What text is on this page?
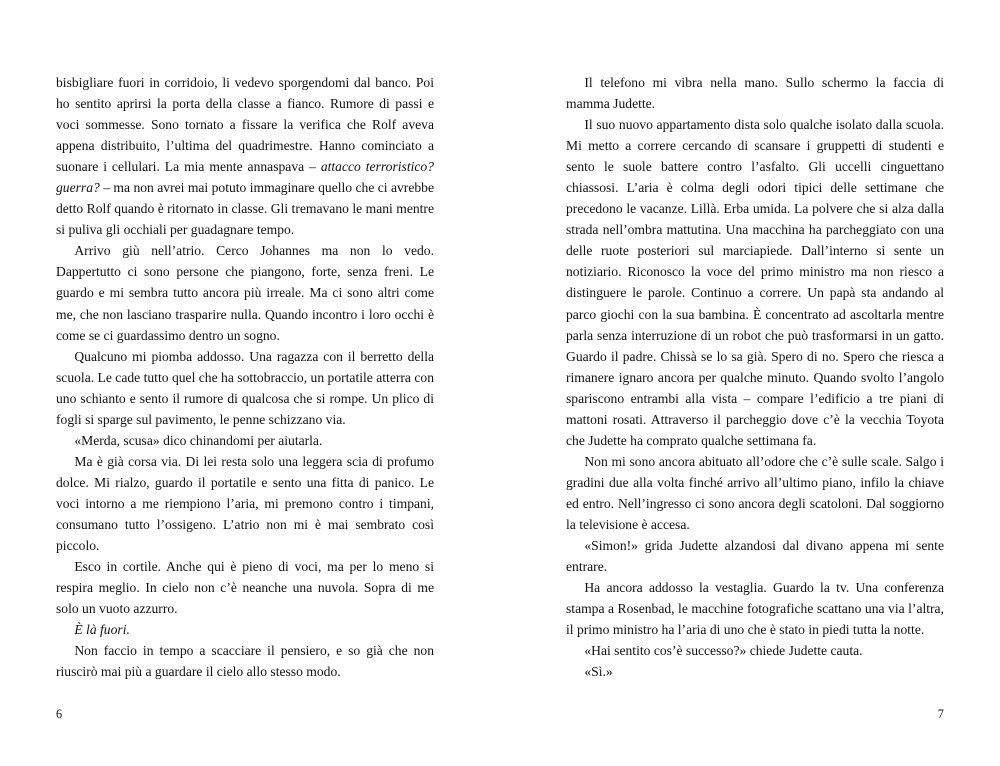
bisbigliare fuori in corridoio, li vedevo sporgendomi dal banco. Poi ho sentito aprirsi la porta della classe a fianco. Rumore di passi e voci sommesse. Sono tornato a fissare la verifica che Rolf aveva appena distribuito, l’ultima del quadrimestre. Hanno cominciato a suonare i cellulari. La mia mente annaspava – attacco terroristico? guerra? – ma non avrei mai potuto immaginare quello che ci avrebbe detto Rolf quando è ritornato in classe. Gli tremavano le mani mentre si puliva gli occhiali per guadagnare tempo.

Arrivo giù nell’atrio. Cerco Johannes ma non lo vedo. Dappertutto ci sono persone che piangono, forte, senza freni. Le guardo e mi sembra tutto ancora più irreale. Ma ci sono altri come me, che non lasciano trasparire nulla. Quando incontro i loro occhi è come se ci guardassimo dentro un sogno.

Qualcuno mi piomba addosso. Una ragazza con il berretto della scuola. Le cade tutto quel che ha sottobraccio, un portatile atterra con uno schianto e sento il rumore di qualcosa che si rompe. Un plico di fogli si sparge sul pavimento, le penne schizzano via.

«Merda, scusa» dico chinandomi per aiutarla.

Ma è già corsa via. Di lei resta solo una leggera scia di profumo dolce. Mi rialzo, guardo il portatile e sento una fitta di panico. Le voci intorno a me riempiono l’aria, mi premono contro i timpani, consumano tutto l’ossigeno. L’atrio non mi è mai sembrato così piccolo.

Esco in cortile. Anche qui è pieno di voci, ma per lo meno si respira meglio. In cielo non c’è neanche una nuvola. Sopra di me solo un vuoto azzurro.

È là fuori.

Non faccio in tempo a scacciare il pensiero, e so già che non riuscirò mai più a guardare il cielo allo stesso modo.

6

Il telefono mi vibra nella mano. Sullo schermo la faccia di mamma Judette.

Il suo nuovo appartamento dista solo qualche isolato dalla scuola. Mi metto a correre cercando di scansare i gruppetti di studenti e sento le suole battere contro l’asfalto. Gli uccelli cinguettano chiassosi. L’aria è colma degli odori tipici delle settimane che precedono le vacanze. Lillà. Erba umida. La polvere che si alza dalla strada nell’ombra mattutina. Una macchina ha parcheggiato con una delle ruote posteriori sul marciapiede. Dall’interno si sente un notiziario. Riconosco la voce del primo ministro ma non riesco a distinguere le parole. Continuo a correre. Un papà sta andando al parco giochi con la sua bambina. È concentrato ad ascoltarla mentre parla senza interruzione di un robot che può trasformarsi in un gatto. Guardo il padre. Chissà se lo sa già. Spero di no. Spero che riesca a rimanere ignaro ancora per qualche minuto. Quando svolto l’angolo spariscono entrambi alla vista – compare l’edificio a tre piani di mattoni rosati. Attraverso il parcheggio dove c’è la vecchia Toyota che Judette ha comprato qualche settimana fa.

Non mi sono ancora abituato all’odore che c’è sulle scale. Salgo i gradini due alla volta finché arrivo all’ultimo piano, infilo la chiave ed entro. Nell’ingresso ci sono ancora degli scatoloni. Dal soggiorno la televisione è accesa.

«Simon!» grida Judette alzandosi dal divano appena mi sente entrare.

Ha ancora addosso la vestaglia. Guardo la tv. Una conferenza stampa a Rosenbad, le macchine fotografiche scattano una via l’altra, il primo ministro ha l’aria di uno che è stato in piedi tutta la notte.

«Hai sentito cos’è successo?» chiede Judette cauta.

«Sì.»

7
